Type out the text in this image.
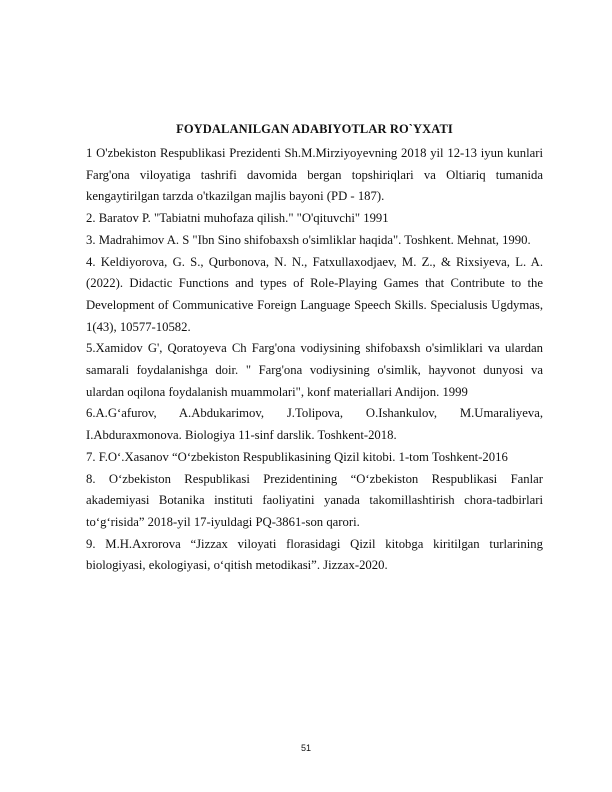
FOYDALANILGAN ADABIYOTLAR RO`YXATI

1 O'zbekiston Respublikasi Prezidenti Sh.M.Mirziyoyevning 2018 yil 12-13 iyun kunlari Farg'ona viloyatiga tashrifi davomida bergan topshiriqlari va Oltiariq tumanida kengaytirilgan tarzda o'tkazilgan majlis bayoni (PD - 187).

2. Baratov P. "Tabiatni muhofaza qilish." "O'qituvchi" 1991

3. Madrahimov A. S "Ibn Sino shifobaxsh o'simliklar haqida". Toshkent. Mehnat, 1990.

4. Keldiyorova, G. S., Qurbonova, N. N., Fatxullaxodjaev, M. Z., & Rixsiyeva, L. A. (2022). Didactic Functions and types of Role-Playing Games that Contribute to the Development of Communicative Foreign Language Speech Skills. Specialusis Ugdymas, 1(43), 10577-10582.

5.Xamidov G', Qoratoyeva Ch Farg'ona vodiysining shifobaxsh o'simliklari va ulardan samarali foydalanishga doir. " Farg'ona vodiysining o'simlik, hayvonot dunyosi va ulardan oqilona foydalanish muammolari", konf materiallari Andijon. 1999

6.A.G‘afurov, A.Abdukarimov, J.Tolipova, O.Ishankulov, M.Umaraliyeva, I.Abduraxmonova. Biologiya 11-sinf darslik. Toshkent-2018.

7. F.O‘.Xasanov “O‘zbekiston Respublikasining Qizil kitobi. 1-tom Toshkent-2016

8. O‘zbekiston Respublikasi Prezidentining “O‘zbekiston Respublikasi Fanlar akademiyasi Botanika instituti faoliyatini yanada takomillashtirish chora-tadbirlari to‘g‘risida” 2018-yil 17-iyuldagi PQ-3861-son qarori.

9. M.H.Axrorova “Jizzax viloyati florasidagi Qizil kitobga kiritilgan turlarining biologiyasi, ekologiyasi, o‘qitish metodikasi”. Jizzax-2020.

51
